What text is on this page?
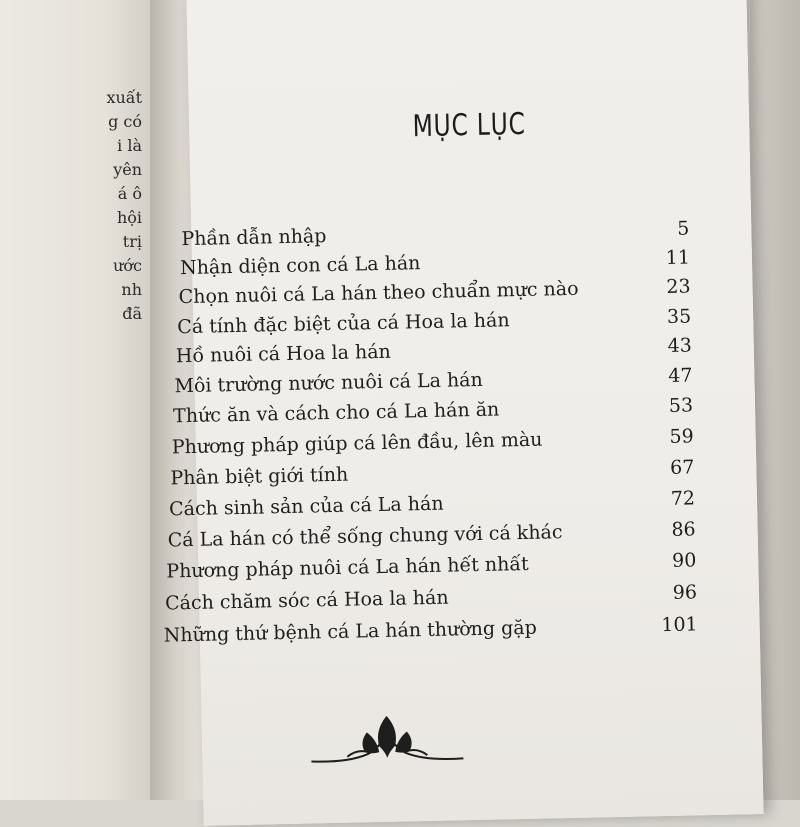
xuất
g có
i là
yên
á ô
hội
trị
ước
nh
đã
MỤC LỤC
Phần dẫn nhập	5
Nhận diện con cá La hán	11
Chọn nuôi cá La hán theo chuẩn mực nào	23
Cá tính đặc biệt của cá Hoa la hán	35
Hồ nuôi cá Hoa la hán	43
Môi trường nước nuôi cá La hán	47
Thức ăn và cách cho cá La hán ăn	53
Phương pháp giúp cá lên đầu, lên màu	59
Phân biệt giới tính	67
Cách sinh sản của cá La hán	72
Cá La hán có thể sống chung với cá khác	86
Phương pháp nuôi cá La hán hết nhất	90
Cách chăm sóc cá Hoa la hán	96
Những thứ bệnh cá La hán thường gặp	101
